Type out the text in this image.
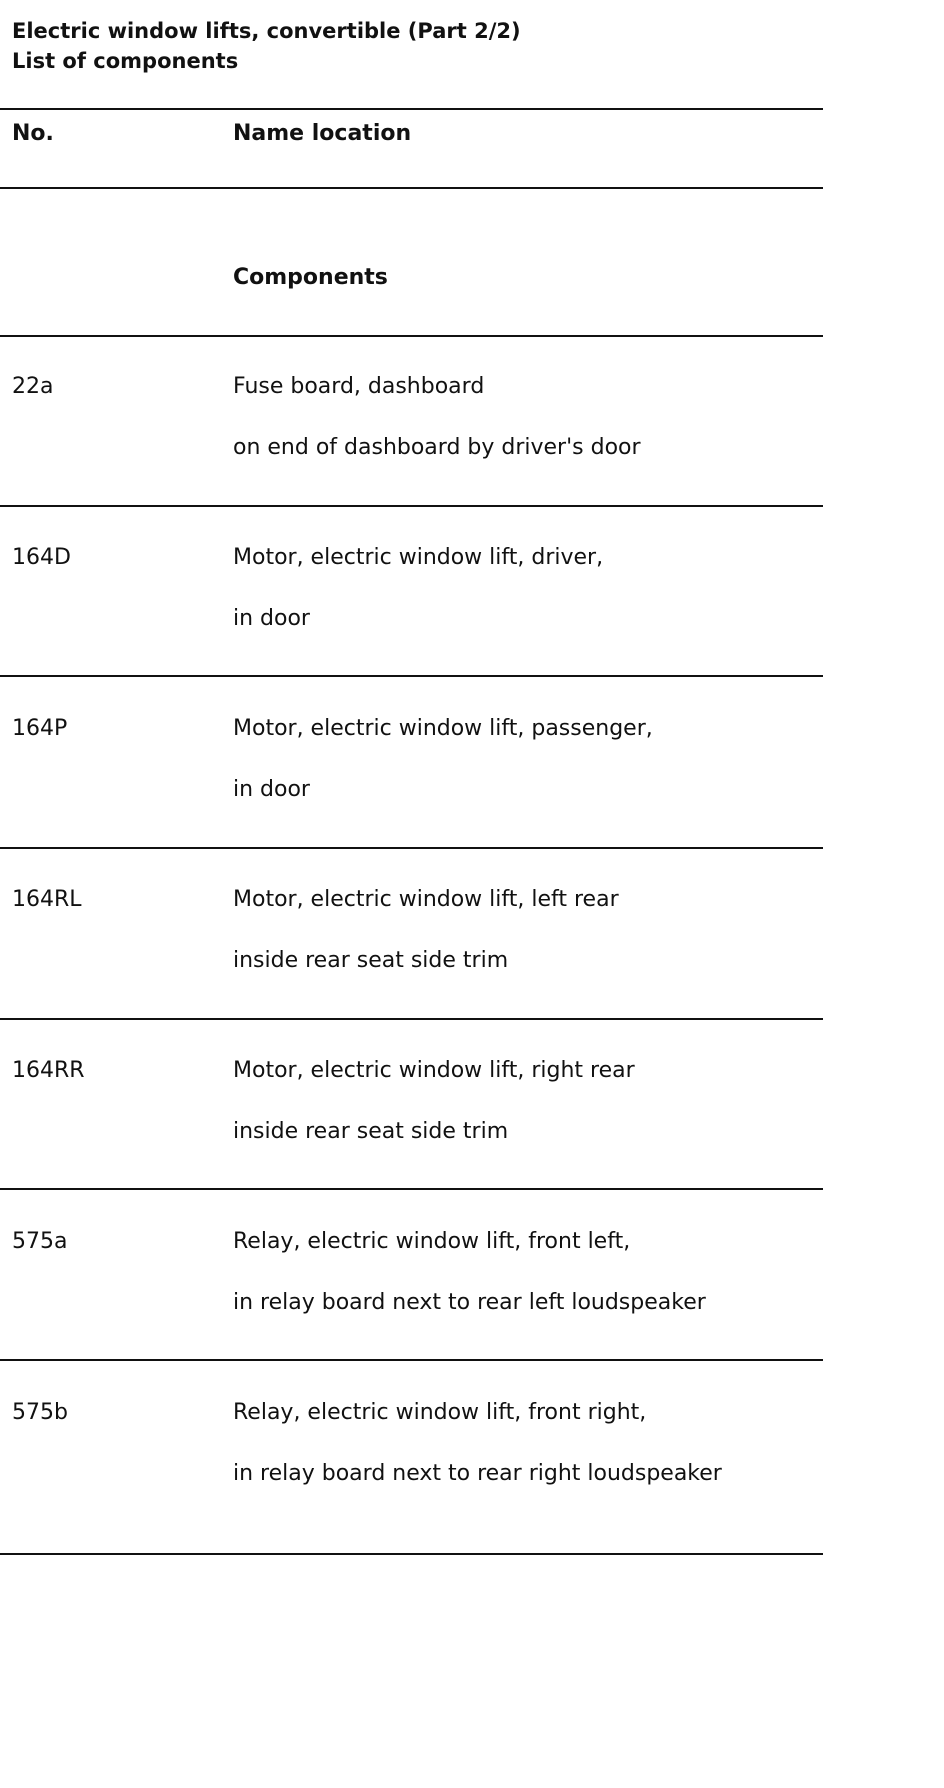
Electric window lifts, convertible (Part 2/2)
List of components
No.	Name location
Components
22a	Fuse board, dashboard
on end of dashboard by driver's door
164D	Motor, electric window lift, driver,
in door
164P	Motor, electric window lift, passenger,
in door
164RL	Motor, electric window lift, left rear
inside rear seat side trim
164RR	Motor, electric window lift, right rear
inside rear seat side trim
575a	Relay, electric window lift, front left,
in relay board next to rear left loudspeaker
575b	Relay, electric window lift, front right,
in relay board next to rear right loudspeaker
